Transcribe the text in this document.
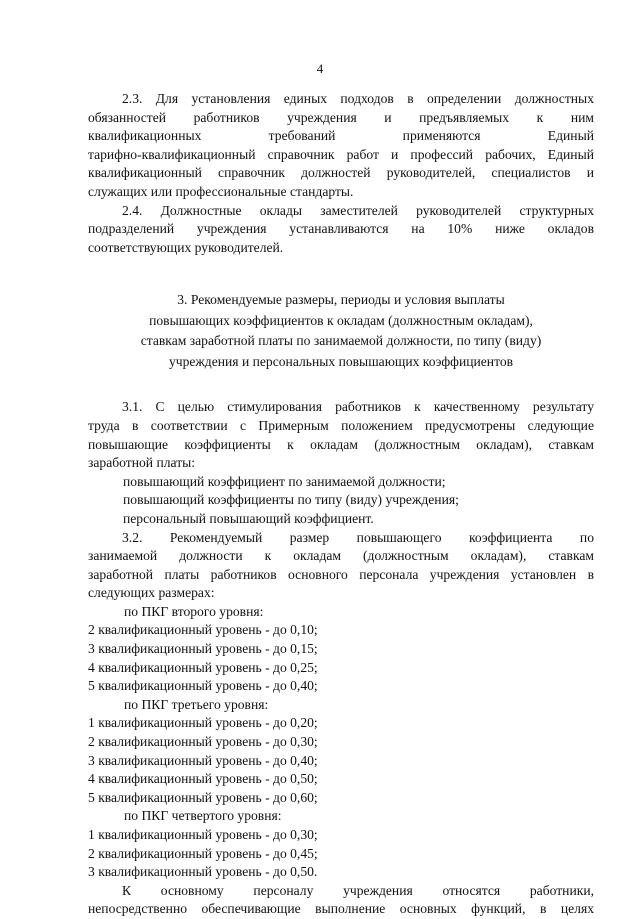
4
2.3. Для установления единых подходов в определении должностных
обязанностей работников учреждения и предъявляемых к ним
квалификационных требований применяются Единый
тарифно-квалификационный справочник работ и профессий рабочих, Единый
квалификационный справочник должностей руководителей, специалистов и
служащих или профессиональные стандарты.
2.4. Должностные оклады заместителей руководителей структурных
подразделений учреждения устанавливаются на 10% ниже окладов
соответствующих руководителей.
3. Рекомендуемые размеры, периоды и условия выплаты
повышающих коэффициентов к окладам (должностным окладам),
ставкам заработной платы по занимаемой должности, по типу (виду)
учреждения и персональных повышающих коэффициентов
3.1. С целью стимулирования работников к качественному результату
труда в соответствии с Примерным положением предусмотрены следующие
повышающие коэффициенты к окладам (должностным окладам), ставкам
заработной платы:
повышающий коэффициент по занимаемой должности;
повышающий коэффициенты по типу (виду) учреждения;
персональный повышающий коэффициент.
3.2. Рекомендуемый размер повышающего коэффициента по
занимаемой должности к окладам (должностным окладам), ставкам
заработной платы работников основного персонала учреждения установлен в
следующих размерах:
по ПКГ второго уровня:
2 квалификационный уровень - до 0,10;
3 квалификационный уровень - до 0,15;
4 квалификационный уровень - до 0,25;
5 квалификационный уровень - до 0,40;
по ПКГ третьего уровня:
1 квалификационный уровень - до 0,20;
2 квалификационный уровень - до 0,30;
3 квалификационный уровень - до 0,40;
4 квалификационный уровень - до 0,50;
5 квалификационный уровень - до 0,60;
по ПКГ четвертого уровня:
1 квалификационный уровень - до 0,30;
2 квалификационный уровень - до 0,45;
3 квалификационный уровень - до 0,50.
К основному персоналу учреждения относятся работники,
непосредственно обеспечивающие выполнение основных функций, в целях
